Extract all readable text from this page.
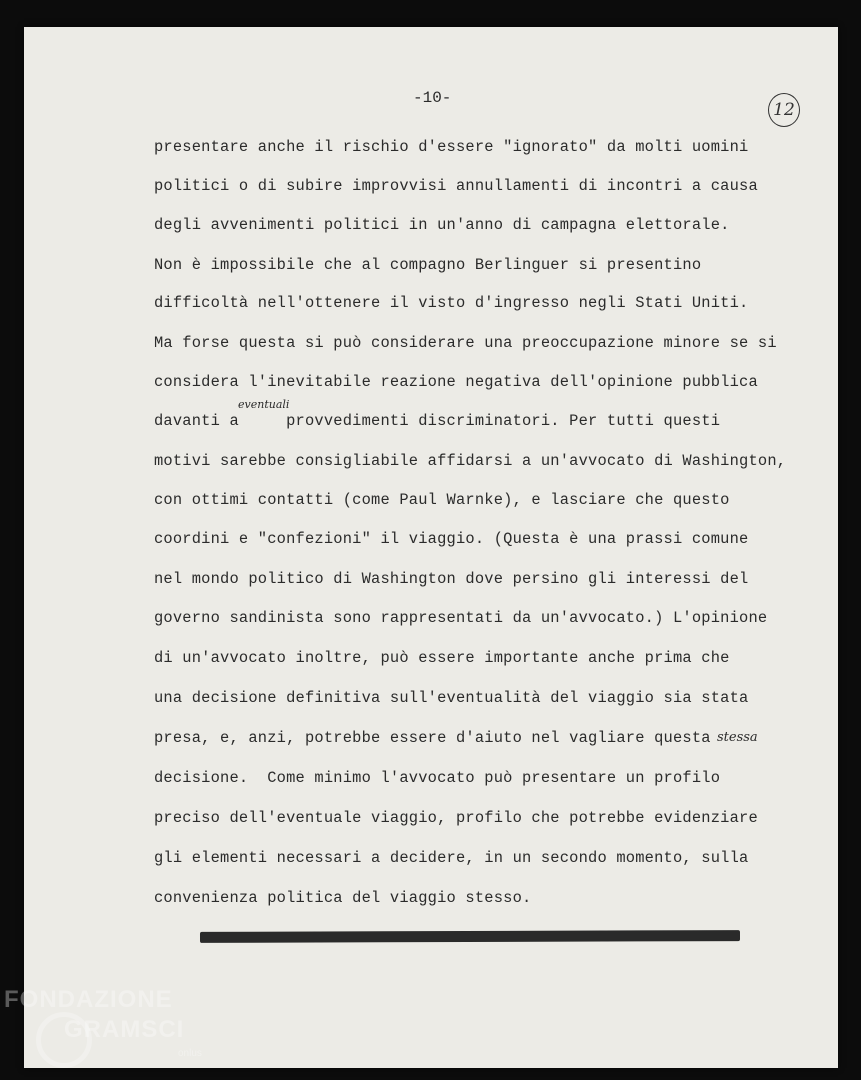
-10-
12
presentare anche il rischio d'essere "ignorato" da molti uomini
politici o di subire improvvisi annullamenti di incontri a causa
degli avvenimenti politici in un'anno di campagna elettorale.
Non è impossibile che al compagno Berlinguer si presentino
difficoltà nell'ottenere il visto d'ingresso negli Stati Uniti.
Ma forse questa si può considerare una preoccupazione minore se si
considera l'inevitabile reazione negativa dell'opinione pubblica
davanti a     provvedimenti discriminatori. Per tutti questi
motivi sarebbe consigliabile affidarsi a un'avvocato di Washington,
con ottimi contatti (come Paul Warnke), e lasciare che questo
coordini e "confezioni" il viaggio. (Questa è una prassi comune
nel mondo politico di Washington dove persino gli interessi del
governo sandinista sono rappresentati da un'avvocato.) L'opinione
di un'avvocato inoltre, può essere importante anche prima che
una decisione definitiva sull'eventualità del viaggio sia stata
presa, e, anzi, potrebbe essere d'aiuto nel vagliare questa
decisione.  Come minimo l'avvocato può presentare un profilo
preciso dell'eventuale viaggio, profilo che potrebbe evidenziare
gli elementi necessari a decidere, in un secondo momento, sulla
convenienza politica del viaggio stesso.
eventuali
stessa
FONDAZIONE
GRAMSCI
onlus
